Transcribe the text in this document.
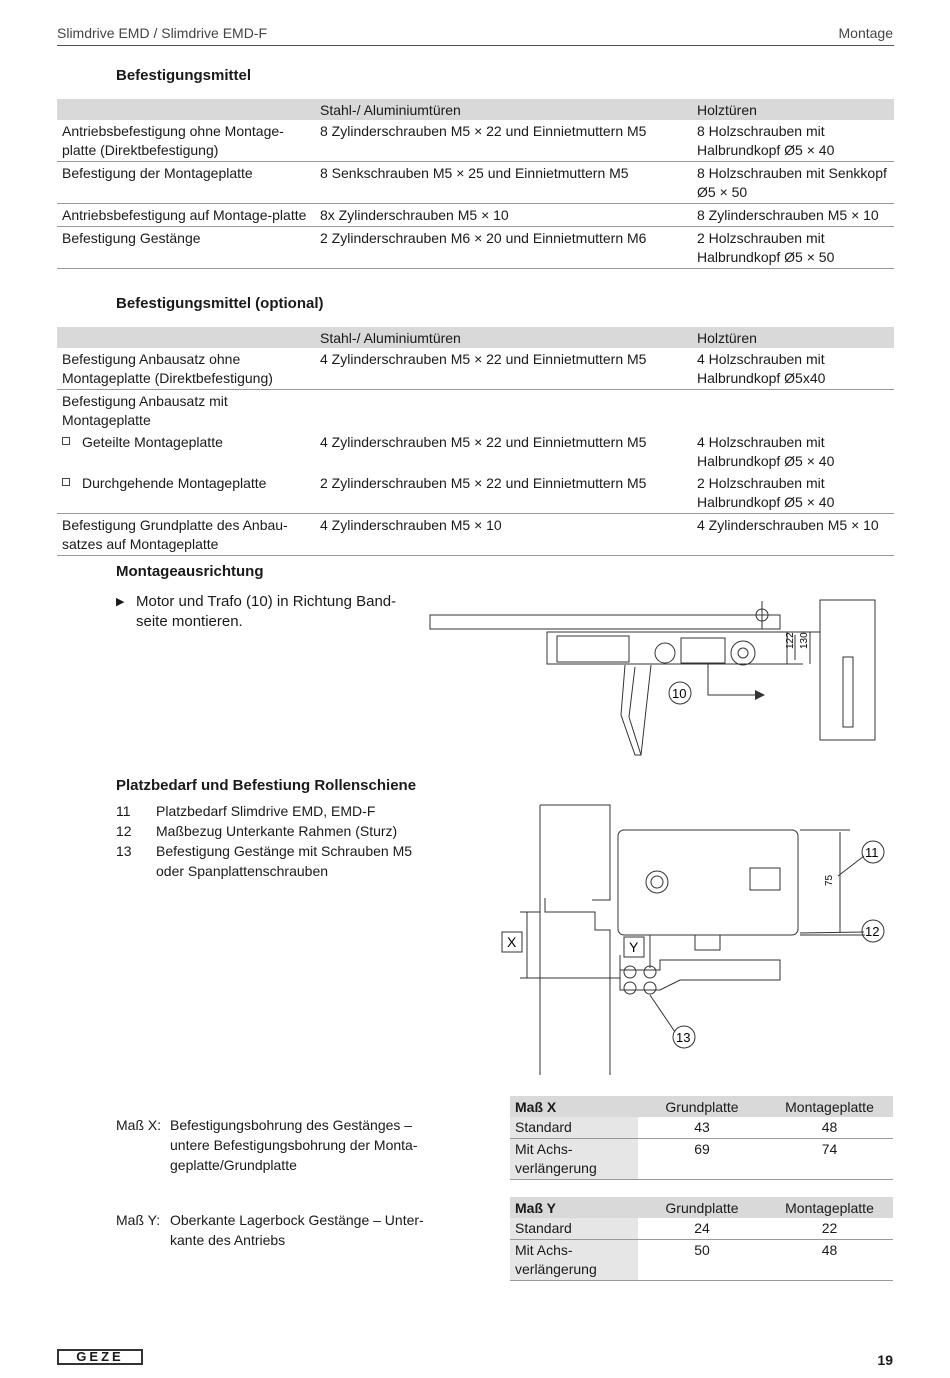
Slimdrive EMD / Slimdrive EMD-F	Montage
Befestigungsmittel
	Stahl-/ Aluminiumtüren	Holztüren
Antriebsbefestigung ohne Montage-platte (Direktbefestigung)	8 Zylinderschrauben M5 × 22 und Einnietmuttern M5	8 Holzschrauben mit Halbrundkopf Ø5 × 40
Befestigung der Montageplatte	8 Senkschrauben M5 × 25 und Einnietmuttern M5	8 Holzschrauben mit Senkkopf Ø5 × 50
Antriebsbefestigung auf Montage-platte	8x Zylinderschrauben M5 × 10	8 Zylinderschrauben M5 × 10
Befestigung Gestänge	2 Zylinderschrauben M6 × 20 und Einnietmuttern M6	2 Holzschrauben mit Halbrundkopf Ø5 × 50
Befestigungsmittel (optional)
	Stahl-/ Aluminiumtüren	Holztüren
Befestigung Anbausatz ohne Montageplatte (Direktbefestigung)	4 Zylinderschrauben M5 × 22 und Einnietmuttern M5	4 Holzschrauben mit Halbrundkopf Ø5x40
Befestigung Anbausatz mit Montageplatte		
Geteilte Montageplatte	4 Zylinderschrauben M5 × 22 und Einnietmuttern M5	4 Holzschrauben mit Halbrundkopf Ø5 × 40
Durchgehende Montageplatte	2 Zylinderschrauben M5 × 22 und Einnietmuttern M5	2 Holzschrauben mit Halbrundkopf Ø5 × 40
Befestigung Grundplatte des Anbau-satzes auf Montageplatte	4 Zylinderschrauben M5 × 10	4 Zylinderschrauben M5 × 10
Montageausrichtung
▶ Motor und Trafo (10) in Richtung Band-seite montieren.
122 130
10
Platzbedarf und Befestiung Rollenschiene
11	Platzbedarf Slimdrive EMD, EMD-F
12	Maßbezug Unterkante Rahmen (Sturz)
13	Befestigung Gestänge mit Schrauben M5 oder Spanplattenschrauben
75
X	Y
11
12
13
Maß X: Befestigungsbohrung des Gestänges – untere Befestigungsbohrung der Monta-geplatte/Grundplatte
Maß Y: Oberkante Lagerbock Gestänge – Unter-kante des Antriebs
Maß X	Grundplatte	Montageplatte
Standard	43	48
Mit Achs-verlängerung	69	74
Maß Y	Grundplatte	Montageplatte
Standard	24	22
Mit Achs-verlängerung	50	48
GEZE	19
